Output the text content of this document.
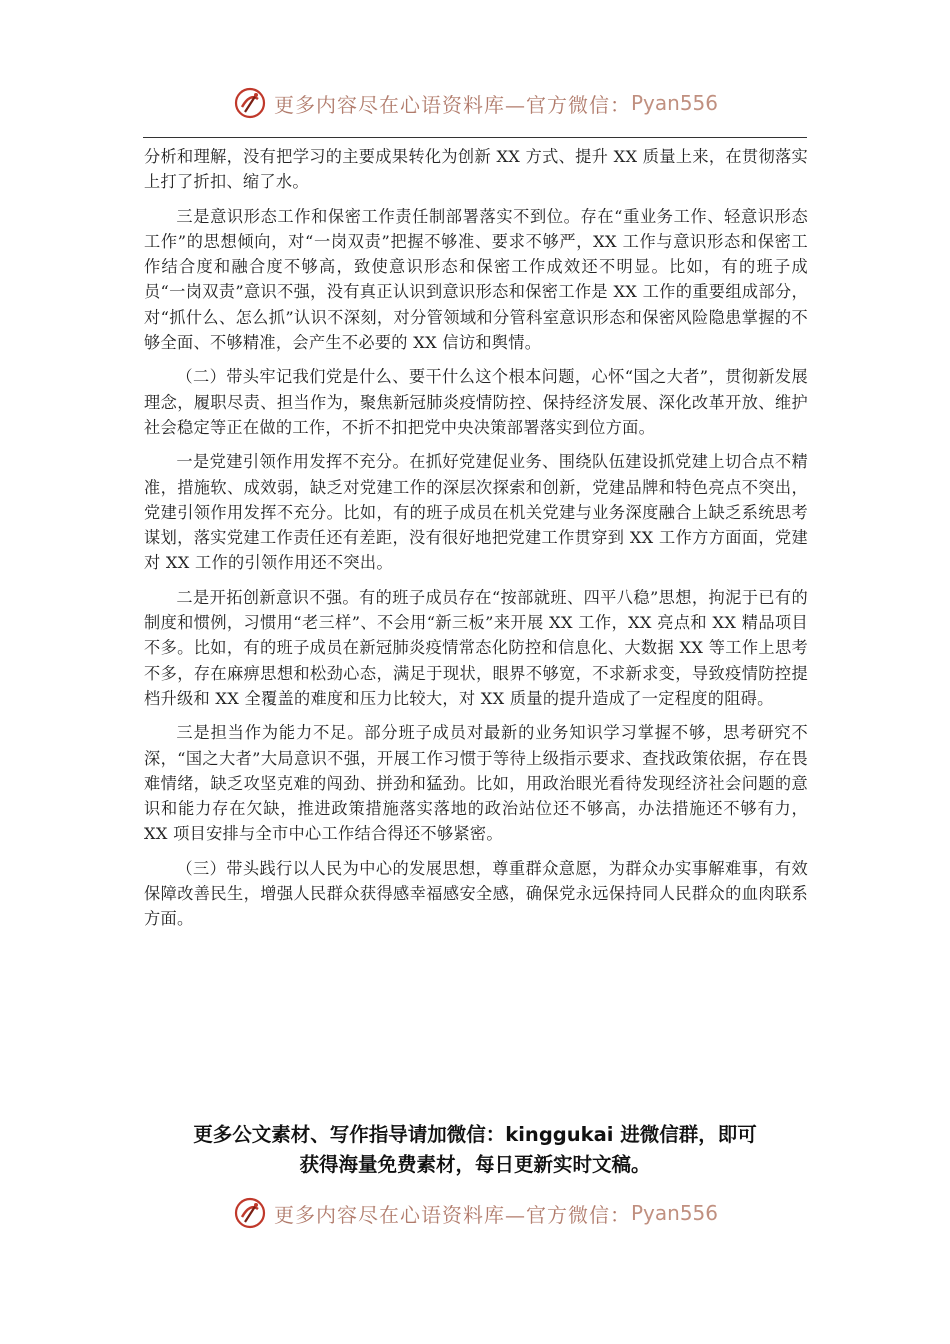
更多内容尽在心语资料库—官方微信： Pyan556

分析和理解，没有把学习的主要成果转化为创新 XX 方式、提升 XX 质量上来，在贯彻落实上打了折扣、缩了水。

三是意识形态工作和保密工作责任制部署落实不到位。存在“重业务工作、轻意识形态工作”的思想倾向，对“一岗双责”把握不够准、要求不够严，XX 工作与意识形态和保密工作结合度和融合度不够高，致使意识形态和保密工作成效还不明显。比如，有的班子成员“一岗双责”意识不强，没有真正认识到意识形态和保密工作是 XX 工作的重要组成部分，对“抓什么、怎么抓”认识不深刻，对分管领域和分管科室意识形态和保密风险隐患掌握的不够全面、不够精准，会产生不必要的 XX 信访和舆情。

（二）带头牢记我们党是什么、要干什么这个根本问题，心怀“国之大者”，贯彻新发展理念，履职尽责、担当作为，聚焦新冠肺炎疫情防控、保持经济发展、深化改革开放、维护社会稳定等正在做的工作，不折不扣把党中央决策部署落实到位方面。

一是党建引领作用发挥不充分。在抓好党建促业务、围绕队伍建设抓党建上切合点不精准，措施软、成效弱，缺乏对党建工作的深层次探索和创新，党建品牌和特色亮点不突出，党建引领作用发挥不充分。比如，有的班子成员在机关党建与业务深度融合上缺乏系统思考谋划，落实党建工作责任还有差距，没有很好地把党建工作贯穿到 XX 工作方方面面，党建对 XX 工作的引领作用还不突出。

二是开拓创新意识不强。有的班子成员存在“按部就班、四平八稳”思想，拘泥于已有的制度和惯例，习惯用“老三样”、不会用“新三板”来开展 XX 工作，XX 亮点和 XX 精品项目不多。比如，有的班子成员在新冠肺炎疫情常态化防控和信息化、大数据 XX 等工作上思考不多，存在麻痹思想和松劲心态，满足于现状，眼界不够宽，不求新求变，导致疫情防控提档升级和 XX 全覆盖的难度和压力比较大，对 XX 质量的提升造成了一定程度的阻碍。

三是担当作为能力不足。部分班子成员对最新的业务知识学习掌握不够，思考研究不深，“国之大者”大局意识不强，开展工作习惯于等待上级指示要求、查找政策依据，存在畏难情绪，缺乏攻坚克难的闯劲、拼劲和猛劲。比如，用政治眼光看待发现经济社会问题的意识和能力存在欠缺，推进政策措施落实落地的政治站位还不够高，办法措施还不够有力，XX 项目安排与全市中心工作结合得还不够紧密。

（三）带头践行以人民为中心的发展思想，尊重群众意愿，为群众办实事解难事，有效保障改善民生，增强人民群众获得感幸福感安全感，确保党永远保持同人民群众的血肉联系方面。

更多公文素材、写作指导请加微信：kinggukai 进微信群，即可
获得海量免费素材，每日更新实时文稿。
更多内容尽在心语资料库—官方微信： Pyan556
